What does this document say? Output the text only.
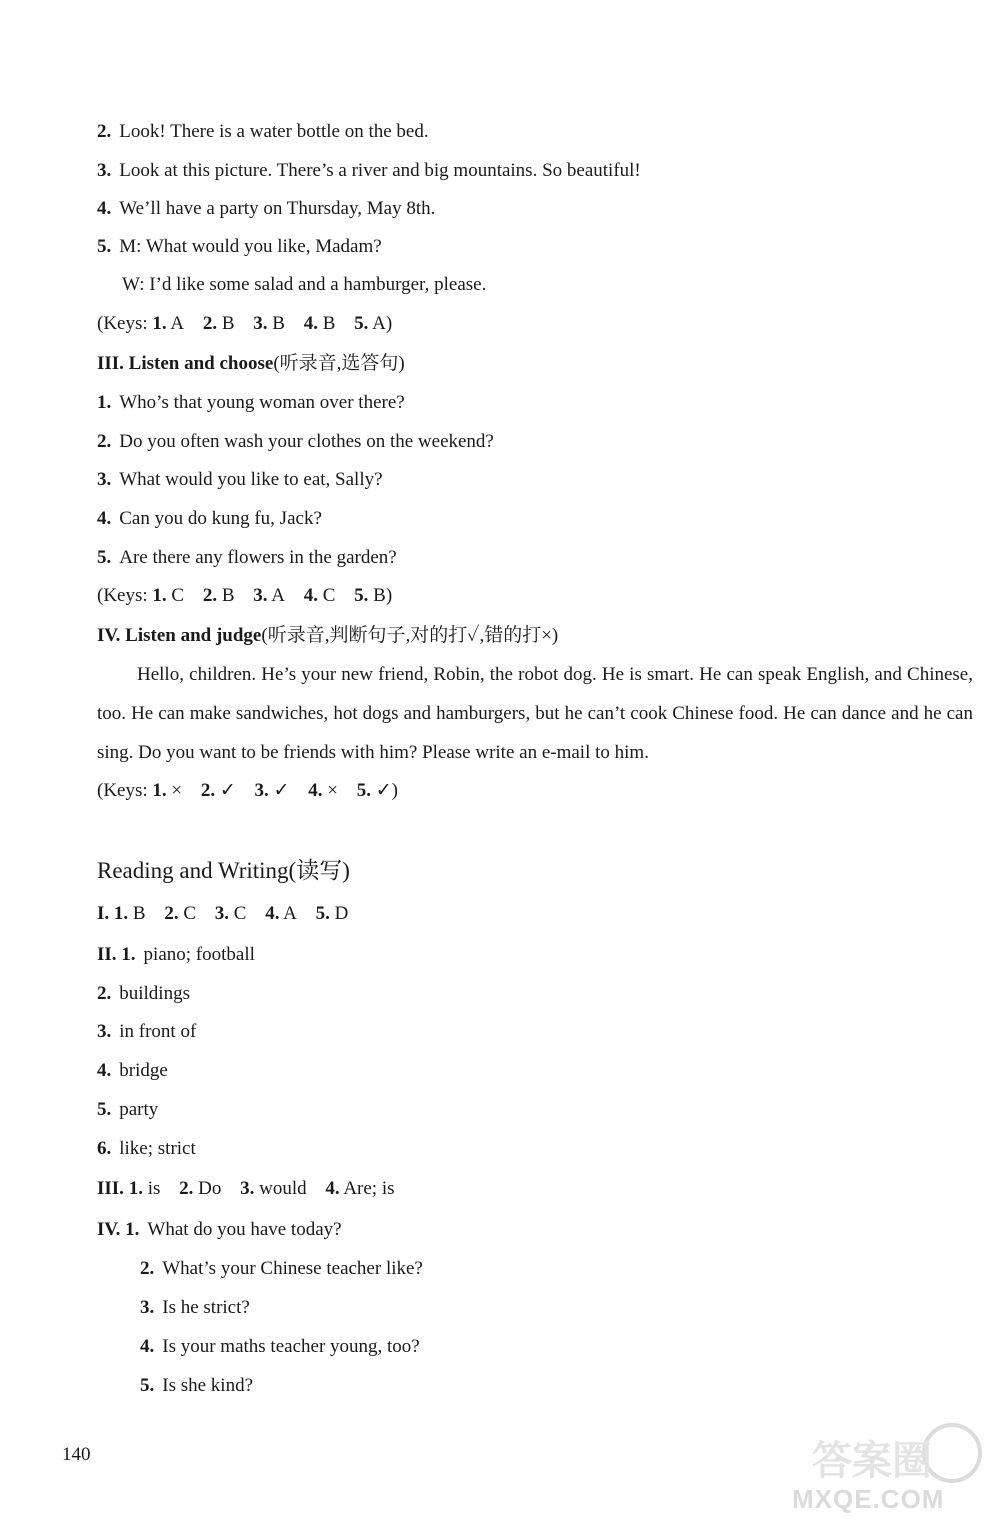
2. Look! There is a water bottle on the bed.
3. Look at this picture. There’s a river and big mountains. So beautiful!
4. We’ll have a party on Thursday, May 8th.
5. M: What would you like, Madam?
W: I’d like some salad and a hamburger, please.
(Keys: 1. A 2. B 3. B 4. B 5. A)
III. Listen and choose(听录音,选答句)
1. Who’s that young woman over there?
2. Do you often wash your clothes on the weekend?
3. What would you like to eat, Sally?
4. Can you do kung fu, Jack?
5. Are there any flowers in the garden?
(Keys: 1. C 2. B 3. A 4. C 5. B)
IV. Listen and judge(听录音,判断句子,对的打✓,错的打×)
Hello, children. He’s your new friend, Robin, the robot dog. He is smart. He can speak English, and Chinese, too. He can make sandwiches, hot dogs and hamburgers, but he can’t cook Chinese food. He can dance and he can sing. Do you want to be friends with him? Please write an e-mail to him.
(Keys: 1. × 2. ✓ 3. ✓ 4. × 5. ✓)
Reading and Writing(读写)
I. 1. B 2. C 3. C 4. A 5. D
II. 1. piano; football
2. buildings
3. in front of
4. bridge
5. party
6. like; strict
III. 1. is 2. Do 3. would 4. Are; is
IV. 1. What do you have today?
2. What’s your Chinese teacher like?
3. Is he strict?
4. Is your maths teacher young, too?
5. Is she kind?
140	答案圈
MXQE.COM
